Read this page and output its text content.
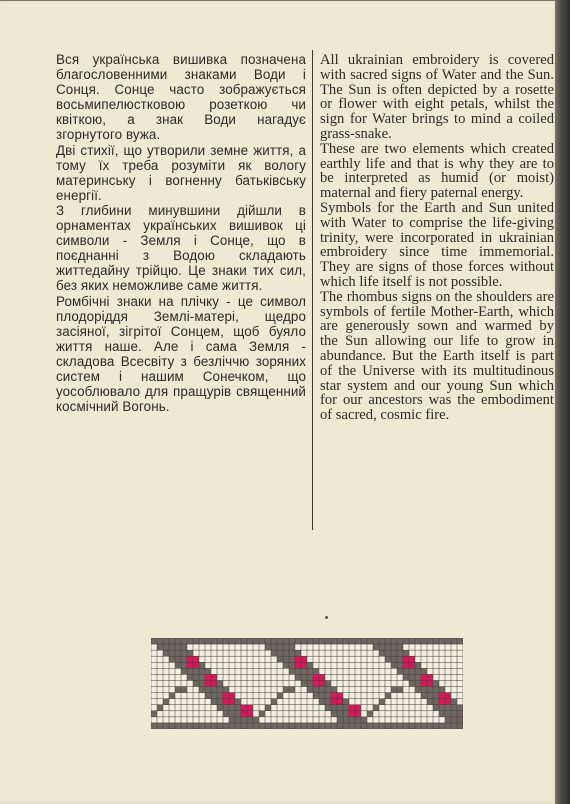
Вся українська вишивка позначена благословенними знаками Води і Сонця. Сонце часто зображується восьмипелюстковою розеткою чи квіткою, а знак Води нагадує згорнутого вужа.

Дві стихії, що утворили земне життя, а тому їх треба розуміти як вологу материнську і вогненну батьківську енергії.

З глибини минувшини дійшли в орнаментах українських вишивок ці символи - Земля і Сонце, що в поєднанні з Водою складають життедайну трійцю. Це знаки тих сил, без яких неможливе саме життя.

Ромбічні знаки на плічку - це символ плодоріддя Землі-матері, щедро засіяної, зігрітої Сонцем, щоб буяло життя наше. Але і сама Земля - складова Всесвіту з безліччю зоряних систем і нашим Сонечком, що уособлювало для пращурів священний космічний Вогонь.

All ukrainian embroidery is covered with sacred signs of Water and the Sun. The Sun is often depicted by a rosette or flower with eight petals, whilst the sign for Water brings to mind a coiled grass-snake.

These are two elements which created earthly life and that is why they are to be interpreted as humid (or moist) maternal and fiery paternal energy.

Symbols for the Earth and Sun united with Water to comprise the life-giving trinity, were incorporated in ukrainian embroidery since time immemorial. They are signs of those forces without which life itself is not possible.

The rhombus signs on the shoulders are symbols of fertile Mother-Earth, which are generously sown and warmed by the Sun allowing our life to grow in abundance. But the Earth itself is part of the Universe with its multitudinous star system and our young Sun which for our ancestors was the embodiment of sacred, cosmic fire.
